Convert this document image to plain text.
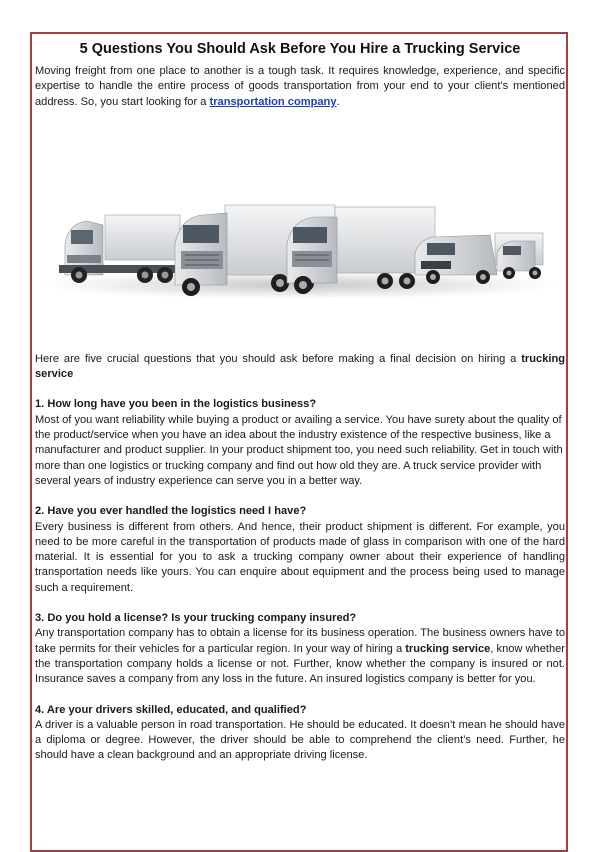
5 Questions You Should Ask Before You Hire a Trucking Service

Moving freight from one place to another is a tough task. It requires knowledge, experience, and specific expertise to handle the entire process of goods transportation from your end to your client’s mentioned address. So, you start looking for a transportation company.

Here are five crucial questions that you should ask before making a final decision on hiring a trucking service

1. How long have you been in the logistics business?

Most of you want reliability while buying a product or availing a service. You have surety about the quality of the product/service when you have an idea about the industry existence of the respective business, like a manufacturer and product supplier. In your product shipment too, you need such reliability. Get in touch with more than one logistics or trucking company and find out how old they are. A truck service provider with several years of industry experience can serve you in a better way.

2. Have you ever handled the logistics need I have?

Every business is different from others. And hence, their product shipment is different. For example, you need to be more careful in the transportation of products made of glass in comparison with one of the hard material. It is essential for you to ask a trucking company owner about their experience of handling transportation needs like yours. You can enquire about equipment and the process being used to manage such a requirement.

3. Do you hold a license? Is your trucking company insured?

Any transportation company has to obtain a license for its business operation. The business owners have to take permits for their vehicles for a particular region. In your way of hiring a trucking service, know whether the transportation company holds a license or not. Further, know whether the company is insured or not. Insurance saves a company from any loss in the future. An insured logistics company is better for you.

4. Are your drivers skilled, educated, and qualified?

A driver is a valuable person in road transportation. He should be educated. It doesn’t mean he should have a diploma or degree. However, the driver should be able to comprehend the client’s need. Further, he should have a clean background and an appropriate driving license.
